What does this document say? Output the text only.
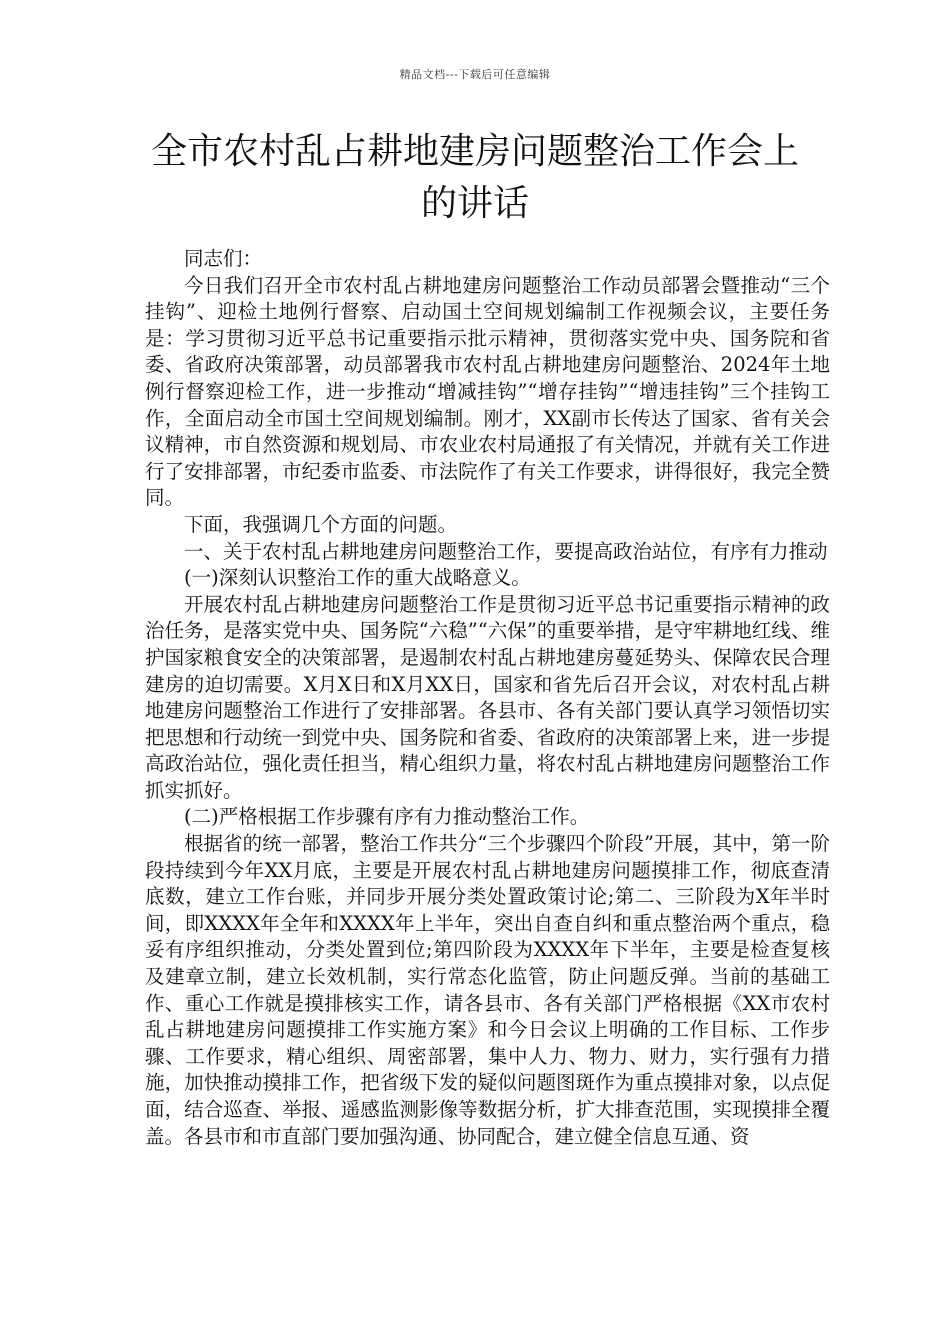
精品文档---下载后可任意编辑
全市农村乱占耕地建房问题整治工作会上
的讲话

同志们：

今日我们召开全市农村乱占耕地建房问题整治工作动员部署会暨推动“三个挂钩”、迎检土地例行督察、启动国土空间规划编制工作视频会议，主要任务是：学习贯彻习近平总书记重要指示批示精神，贯彻落实党中央、国务院和省委、省政府决策部署，动员部署我市农村乱占耕地建房问题整治、2024年土地例行督察迎检工作，进一步推动“增减挂钩”“增存挂钩”“增违挂钩”三个挂钩工作，全面启动全市国土空间规划编制。刚才，XX副市长传达了国家、省有关会议精神，市自然资源和规划局、市农业农村局通报了有关情况，并就有关工作进行了安排部署，市纪委市监委、市法院作了有关工作要求，讲得很好，我完全赞同。

下面，我强调几个方面的问题。

一、关于农村乱占耕地建房问题整治工作，要提高政治站位，有序有力推动

(一)深刻认识整治工作的重大战略意义。

开展农村乱占耕地建房问题整治工作是贯彻习近平总书记重要指示精神的政治任务，是落实党中央、国务院“六稳”“六保”的重要举措，是守牢耕地红线、维护国家粮食安全的决策部署，是遏制农村乱占耕地建房蔓延势头、保障农民合理建房的迫切需要。X月X日和X月XX日，国家和省先后召开会议，对农村乱占耕地建房问题整治工作进行了安排部署。各县市、各有关部门要认真学习领悟切实把思想和行动统一到党中央、国务院和省委、省政府的决策部署上来，进一步提高政治站位，强化责任担当，精心组织力量，将农村乱占耕地建房问题整治工作抓实抓好。

(二)严格根据工作步骤有序有力推动整治工作。

根据省的统一部署，整治工作共分“三个步骤四个阶段”开展，其中，第一阶段持续到今年XX月底，主要是开展农村乱占耕地建房问题摸排工作，彻底查清底数，建立工作台账，并同步开展分类处置政策讨论;第二、三阶段为X年半时间，即XXXX年全年和XXXX年上半年，突出自查自纠和重点整治两个重点，稳妥有序组织推动，分类处置到位;第四阶段为XXXX年下半年，主要是检查复核及建章立制，建立长效机制，实行常态化监管，防止问题反弹。当前的基础工作、重心工作就是摸排核实工作，请各县市、各有关部门严格根据《XX市农村乱占耕地建房问题摸排工作实施方案》和今日会议上明确的工作目标、工作步骤、工作要求，精心组织、周密部署，集中人力、物力、财力，实行强有力措施，加快推动摸排工作，把省级下发的疑似问题图斑作为重点摸排对象，以点促面，结合巡查、举报、遥感监测影像等数据分析，扩大排查范围，实现摸排全覆盖。各县市和市直部门要加强沟通、协同配合，建立健全信息互通、资
